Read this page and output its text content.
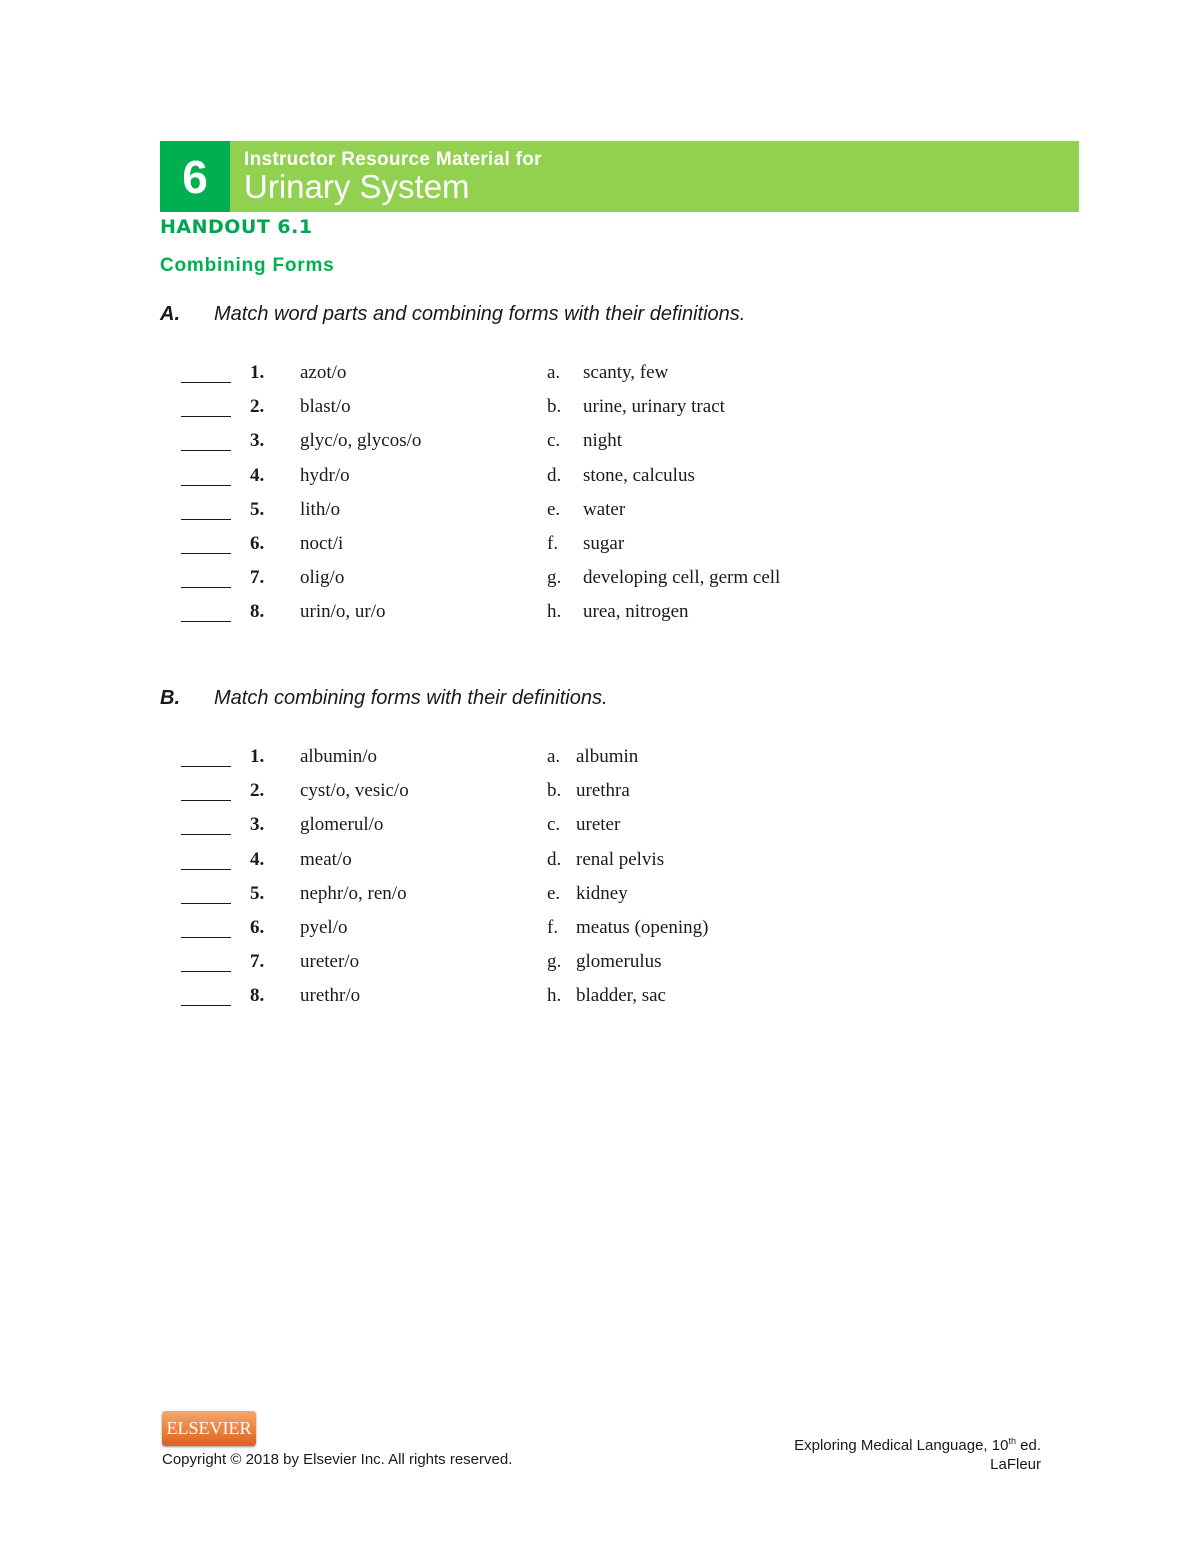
6	Instructor Resource Material for
Urinary System
HANDOUT 6.1
Combining Forms
A.	Match word parts and combining forms with their definitions.
B.	Match combining forms with their definitions.
1. azot/o	a. scanty, few
2. blast/o	b. urine, urinary tract
3. glyc/o, glycos/o	c. night
4. hydr/o	d. stone, calculus
5. lith/o	e. water
6. noct/i	f. sugar
7. olig/o	g. developing cell, germ cell
8. urin/o, ur/o	h. urea, nitrogen
1. albumin/o	a. albumin
2. cyst/o, vesic/o	b. urethra
3. glomerul/o	c. ureter
4. meat/o	d. renal pelvis
5. nephr/o, ren/o	e. kidney
6. pyel/o	f. meatus (opening)
7. ureter/o	g. glomerulus
8. urethr/o	h. bladder, sac
ELSEVIER
Copyright © 2018 by Elsevier Inc. All rights reserved.
Exploring Medical Language, 10th ed.
LaFleur
